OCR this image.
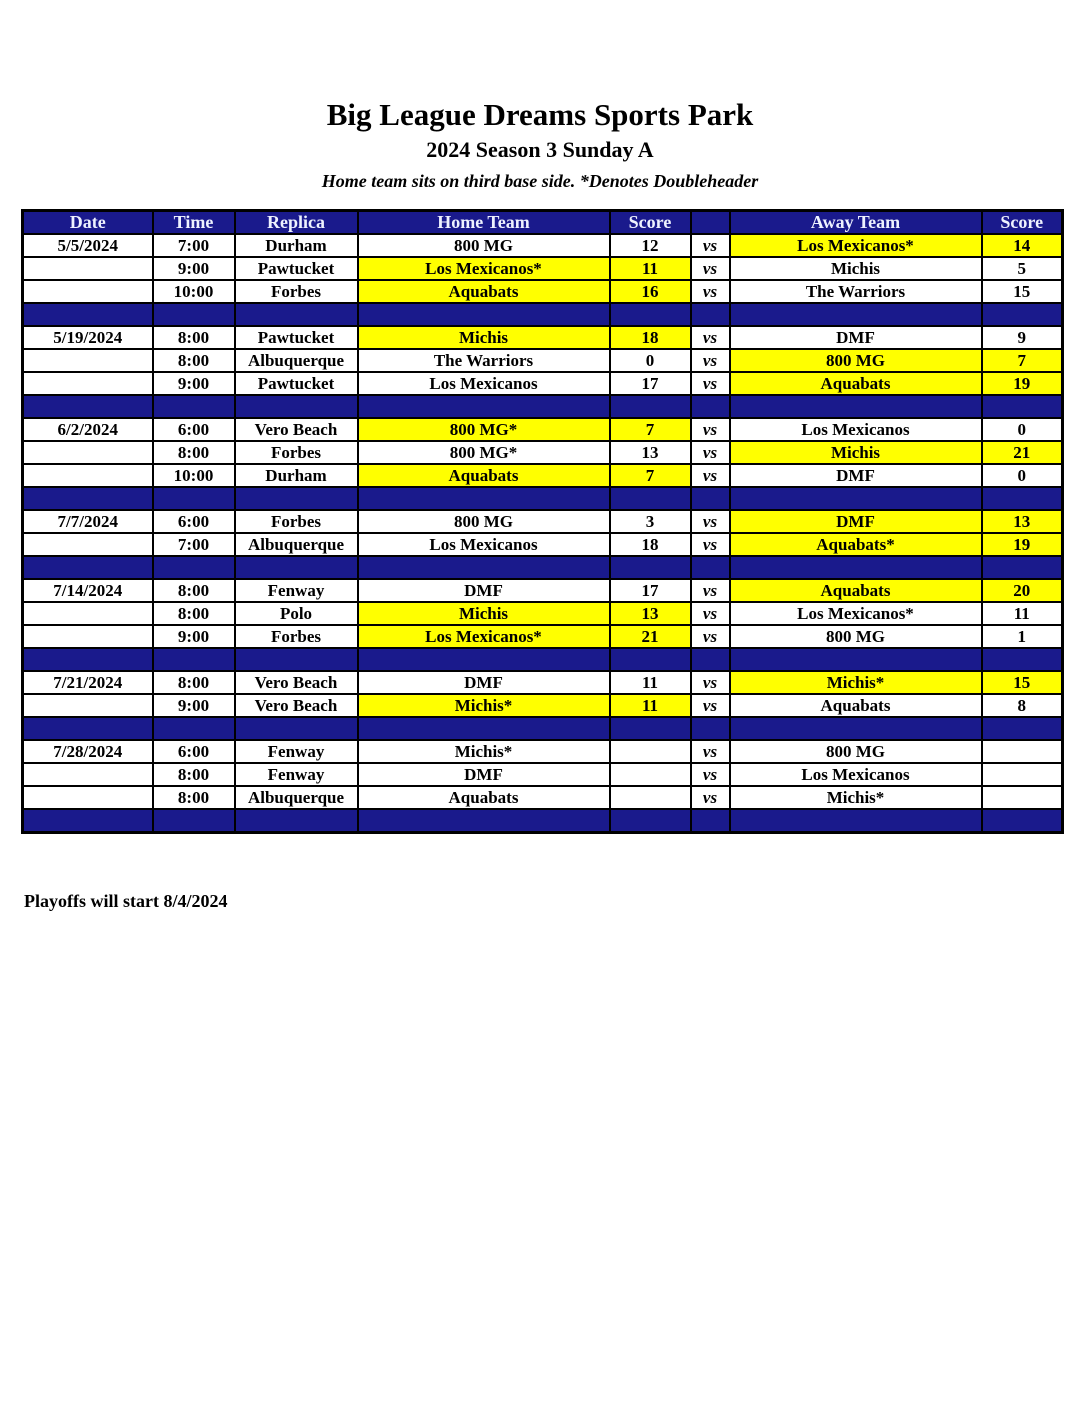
Big League Dreams Sports Park
2024 Season 3 Sunday A
Home team sits on third base side. *Denotes Doubleheader
Date	Time	Replica	Home Team	Score		Away Team	Score
5/5/2024	7:00	Durham	800 MG	12	vs	Los Mexicanos*	14
	9:00	Pawtucket	Los Mexicanos*	11	vs	Michis	5
	10:00	Forbes	Aquabats	16	vs	The Warriors	15

5/19/2024	8:00	Pawtucket	Michis	18	vs	DMF	9
	8:00	Albuquerque	The Warriors	0	vs	800 MG	7
	9:00	Pawtucket	Los Mexicanos	17	vs	Aquabats	19

6/2/2024	6:00	Vero Beach	800 MG*	7	vs	Los Mexicanos	0
	8:00	Forbes	800 MG*	13	vs	Michis	21
	10:00	Durham	Aquabats	7	vs	DMF	0

7/7/2024	6:00	Forbes	800 MG	3	vs	DMF	13
	7:00	Albuquerque	Los Mexicanos	18	vs	Aquabats*	19

7/14/2024	8:00	Fenway	DMF	17	vs	Aquabats	20
	8:00	Polo	Michis	13	vs	Los Mexicanos*	11
	9:00	Forbes	Los Mexicanos*	21	vs	800 MG	1

7/21/2024	8:00	Vero Beach	DMF	11	vs	Michis*	15
	9:00	Vero Beach	Michis*	11	vs	Aquabats	8

7/28/2024	6:00	Fenway	Michis*		vs	800 MG	
	8:00	Fenway	DMF		vs	Los Mexicanos	
	8:00	Albuquerque	Aquabats		vs	Michis*	

Playoffs will start 8/4/2024
